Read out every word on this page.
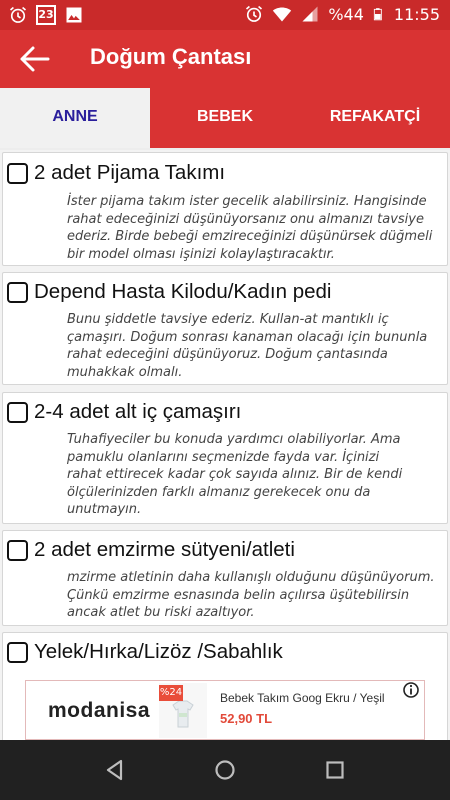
23	%44 11:55
Doğum Çantası
ANNE	BEBEK	REFAKATÇİ
2 adet Pijama Takımı
İster pijama takım ister gecelik alabilirsiniz. Hangisinde
rahat edeceğinizi düşünüyorsanız onu almanızı tavsiye
ederiz. Birde bebeği emzireceğinizi düşünürsek düğmeli
bir model olması işinizi kolaylaştıracaktır.
Depend Hasta Kilodu/Kadın pedi
Bunu şiddetle tavsiye ederiz. Kullan-at mantıklı iç
çamaşırı. Doğum sonrası kanaman olacağı için bununla
rahat edeceğini düşünüyoruz. Doğum çantasında
muhakkak olmalı.
2-4 adet alt iç çamaşırı
Tuhafiyeciler bu konuda yardımcı olabiliyorlar. Ama
pamuklu olanlarını seçmenizde fayda var. İçinizi
rahat ettirecek kadar çok sayıda alınız. Bir de kendi
ölçülerinizden farklı almanız gerekecek onu da
unutmayın.
2 adet emzirme sütyeni/atleti
mzirme atletinin daha kullanışlı olduğunu düşünüyorum.
Çünkü emzirme esnasında belin açılırsa üşütebilirsin
ancak atlet bu riski azaltıyor.
Yelek/Hırka/Lizöz /Sabahlık
modanisa
%24	Bebek Takım Goog Ekru / Yeşil
52,90 TL
